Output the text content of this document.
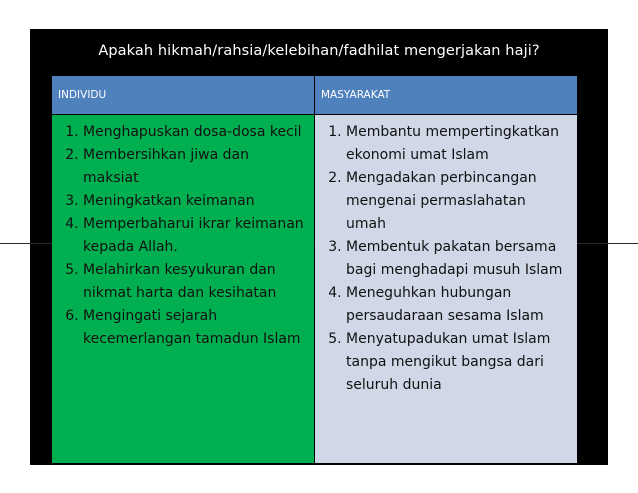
Apakah hikmah/rahsia/kelebihan/fadhilat mengerjakan haji?
INDIVIDU	MASYARAKAT
1. Menghapuskan dosa-dosa kecil
2. Membersihkan jiwa dan maksiat
3. Meningkatkan keimanan
4. Memperbaharui ikrar keimanan kepada Allah.
5. Melahirkan kesyukuran dan nikmat harta dan kesihatan
6. Mengingati sejarah kecemerlangan tamadun Islam
1. Membantu mempertingkatkan ekonomi umat Islam
2. Mengadakan perbincangan mengenai permaslahatan umah
3. Membentuk pakatan bersama bagi menghadapi musuh Islam
4. Meneguhkan hubungan persaudaraan sesama Islam
5. Menyatupadukan umat Islam tanpa mengikut bangsa dari seluruh dunia
